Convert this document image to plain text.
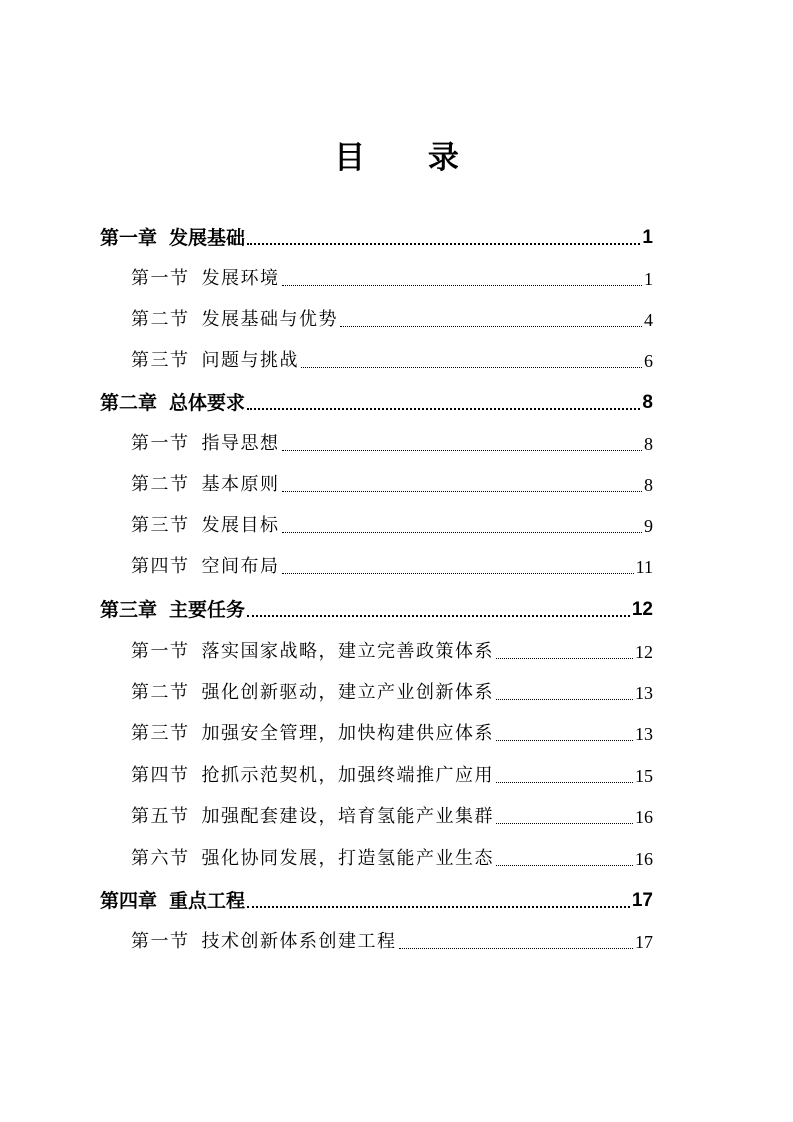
目 录
第一章 发展基础	1
第一节 发展环境	1
第二节 发展基础与优势	4
第三节 问题与挑战	6
第二章 总体要求	8
第一节 指导思想	8
第二节 基本原则	8
第三节 发展目标	9
第四节 空间布局	11
第三章 主要任务	12
第一节 落实国家战略，建立完善政策体系	12
第二节 强化创新驱动，建立产业创新体系	13
第三节 加强安全管理，加快构建供应体系	13
第四节 抢抓示范契机，加强终端推广应用	15
第五节 加强配套建设，培育氢能产业集群	16
第六节 强化协同发展，打造氢能产业生态	16
第四章 重点工程	17
第一节 技术创新体系创建工程	17
